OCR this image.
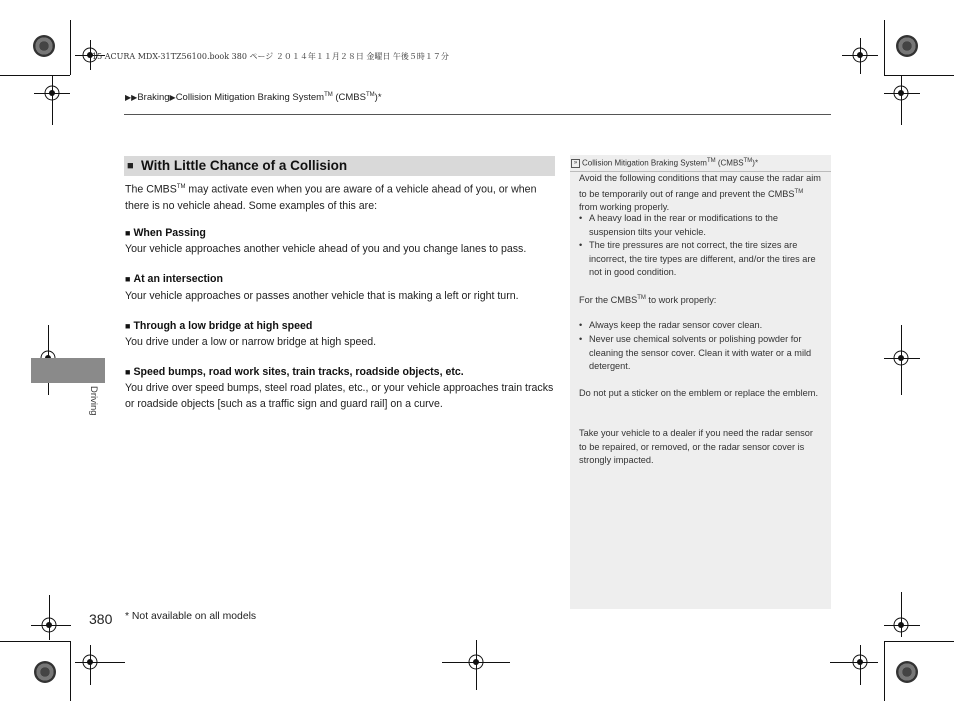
15 ACURA MDX-31TZ56100.book 380 ページ ２０１４年１１月２８日 金曜日 午後５時１７分
▶▶Braking▶Collision Mitigation Braking System™ (CMBS™)*
Driving
■ With Little Chance of a Collision
The CMBS™ may activate even when you are aware of a vehicle ahead of you, or when there is no vehicle ahead. Some examples of this are:
■ When Passing
Your vehicle approaches another vehicle ahead of you and you change lanes to pass.
■ At an intersection
Your vehicle approaches or passes another vehicle that is making a left or right turn.
■ Through a low bridge at high speed
You drive under a low or narrow bridge at high speed.
■ Speed bumps, road work sites, train tracks, roadside objects, etc.
You drive over speed bumps, steel road plates, etc., or your vehicle approaches train tracks or roadside objects [such as a traffic sign and guard rail] on a curve.
» Collision Mitigation Braking System™ (CMBS™)*
Avoid the following conditions that may cause the radar aim to be temporarily out of range and prevent the CMBS™ from working properly.
• A heavy load in the rear or modifications to the suspension tilts your vehicle.
• The tire pressures are not correct, the tire sizes are incorrect, the tire types are different, and/or the tires are not in good condition.
For the CMBS™ to work properly:
• Always keep the radar sensor cover clean.
• Never use chemical solvents or polishing powder for cleaning the sensor cover. Clean it with water or a mild detergent.
Do not put a sticker on the emblem or replace the emblem.
Take your vehicle to a dealer if you need the radar sensor to be repaired, or removed, or the radar sensor cover is strongly impacted.
380 * Not available on all models
